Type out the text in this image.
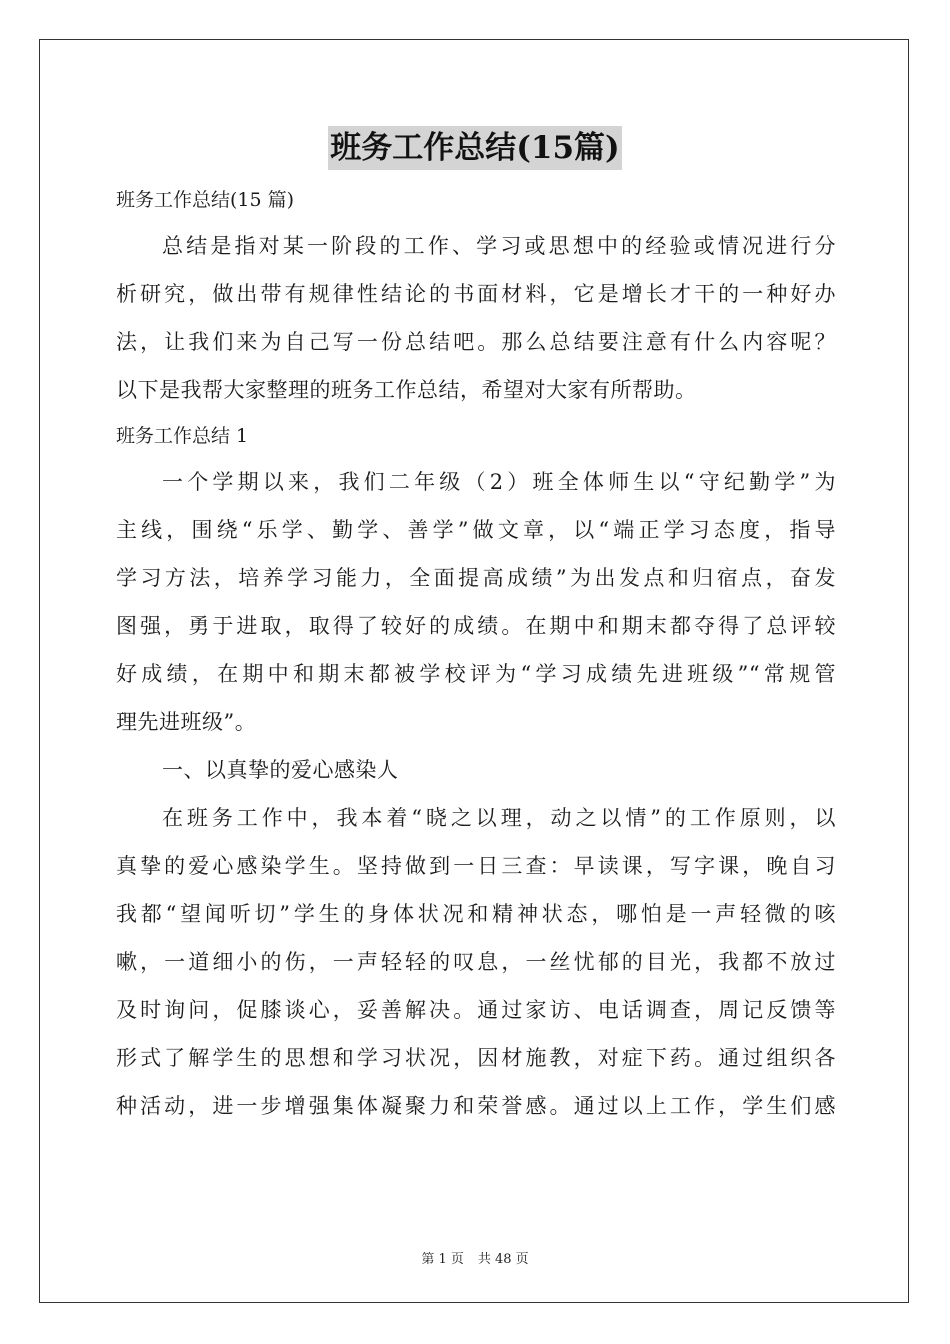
班务工作总结(15篇)
班务工作总结(15 篇)
总结是指对某一阶段的工作、学习或思想中的经验或情况进行分
析研究，做出带有规律性结论的书面材料，它是增长才干的一种好办
法，让我们来为自己写一份总结吧。那么总结要注意有什么内容呢？
以下是我帮大家整理的班务工作总结，希望对大家有所帮助。
班务工作总结 1
一个学期以来，我们二年级（2）班全体师生以“守纪勤学”为
主线，围绕“乐学、勤学、善学”做文章，以“端正学习态度，指导
学习方法，培养学习能力，全面提高成绩”为出发点和归宿点，奋发
图强，勇于进取，取得了较好的成绩。在期中和期末都夺得了总评较
好成绩，在期中和期末都被学校评为“学习成绩先进班级”“常规管
理先进班级”。
一、以真挚的爱心感染人
在班务工作中，我本着“晓之以理，动之以情”的工作原则，以
真挚的爱心感染学生。坚持做到一日三查：早读课，写字课，晚自习
我都“望闻听切”学生的身体状况和精神状态，哪怕是一声轻微的咳
嗽，一道细小的伤，一声轻轻的叹息，一丝忧郁的目光，我都不放过
及时询问，促膝谈心，妥善解决。通过家访、电话调查，周记反馈等
形式了解学生的思想和学习状况，因材施教，对症下药。通过组织各
种活动，进一步增强集体凝聚力和荣誉感。通过以上工作，学生们感
第 1 页 共 48 页
